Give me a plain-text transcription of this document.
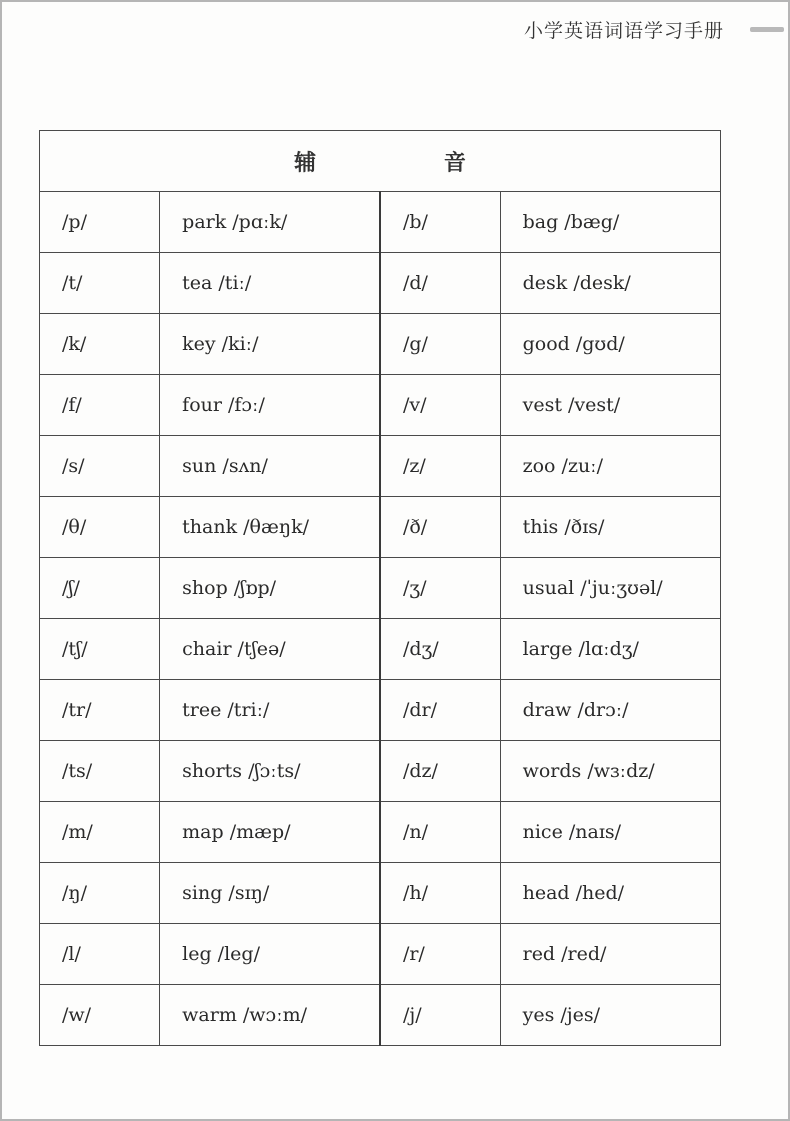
小学英语词语学习手册
辅 音			
/p/	park /pɑːk/	/b/	bag /bæg/
/t/	tea /tiː/	/d/	desk /desk/
/k/	key /kiː/	/g/	good /gʊd/
/f/	four /fɔː/	/v/	vest /vest/
/s/	sun /sʌn/	/z/	zoo /zuː/
/θ/	thank /θæŋk/	/ð/	this /ðɪs/
/ʃ/	shop /ʃɒp/	/ʒ/	usual /ˈjuːʒʊəl/
/tʃ/	chair /tʃeə/	/dʒ/	large /lɑːdʒ/
/tr/	tree /triː/	/dr/	draw /drɔː/
/ts/	shorts /ʃɔːts/	/dz/	words /wɜːdz/
/m/	map /mæp/	/n/	nice /naɪs/
/ŋ/	sing /sɪŋ/	/h/	head /hed/
/l/	leg /leg/	/r/	red /red/
/w/	warm /wɔːm/	/j/	yes /jes/
